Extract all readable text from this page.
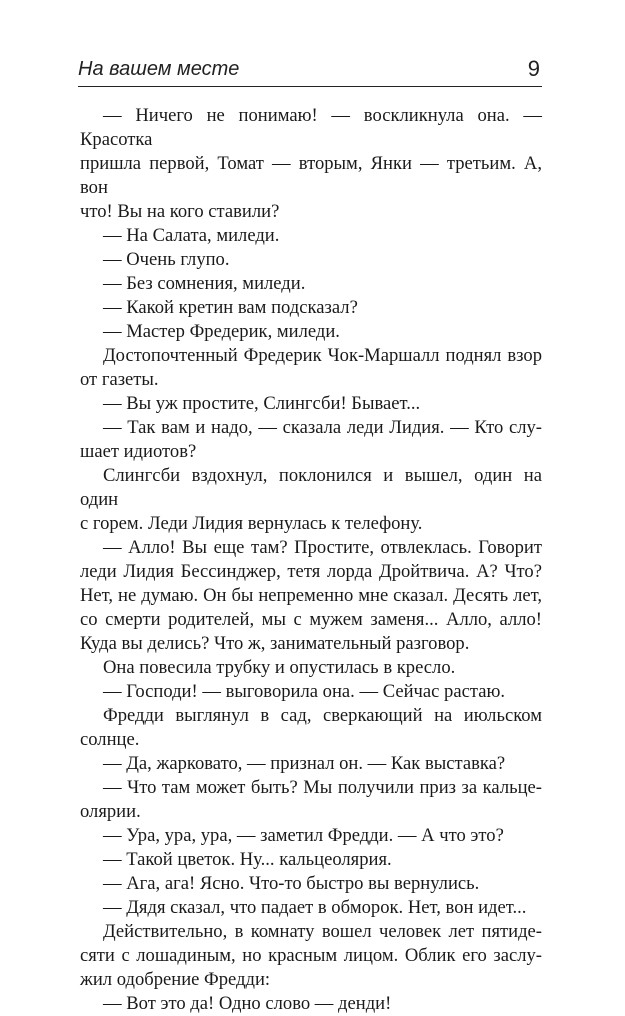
На вашем месте	9

— Ничего не понимаю! — воскликнула она. — Красотка
пришла первой, Томат — вторым, Янки — третьим. А, вон
что! Вы на кого ставили?

— На Салата, миледи.

— Очень глупо.

— Без сомнения, миледи.

— Какой кретин вам подсказал?

— Мастер Фредерик, миледи.

Достопочтенный Фредерик Чок-Маршалл поднял взор
от газеты.

— Вы уж простите, Слингсби! Бывает...

— Так вам и надо, — сказала леди Лидия. — Кто слу-
шает идиотов?

Слингсби вздохнул, поклонился и вышел, один на один
с горем. Леди Лидия вернулась к телефону.

— Алло! Вы еще там? Простите, отвлеклась. Говорит
леди Лидия Бессинджер, тетя лорда Дройтвича. А? Что?
Нет, не думаю. Он бы непременно мне сказал. Десять лет,
со смерти родителей, мы с мужем заменя... Алло, алло!
Куда вы делись? Что ж, занимательный разговор.

Она повесила трубку и опустилась в кресло.

— Господи! — выговорила она. — Сейчас растаю.

Фредди выглянул в сад, сверкающий на июльском
солнце.

— Да, жарковато, — признал он. — Как выставка?

— Что там может быть? Мы получили приз за кальце-
олярии.

— Ура, ура, ура, — заметил Фредди. — А что это?

— Такой цветок. Ну... кальцеолярия.

— Ага, ага! Ясно. Что-то быстро вы вернулись.

— Дядя сказал, что падает в обморок. Нет, вон идет...

Действительно, в комнату вошел человек лет пятиде-
сяти с лошадиным, но красным лицом. Облик его заслу-
жил одобрение Фредди:

— Вот это да! Одно слово — денди!
